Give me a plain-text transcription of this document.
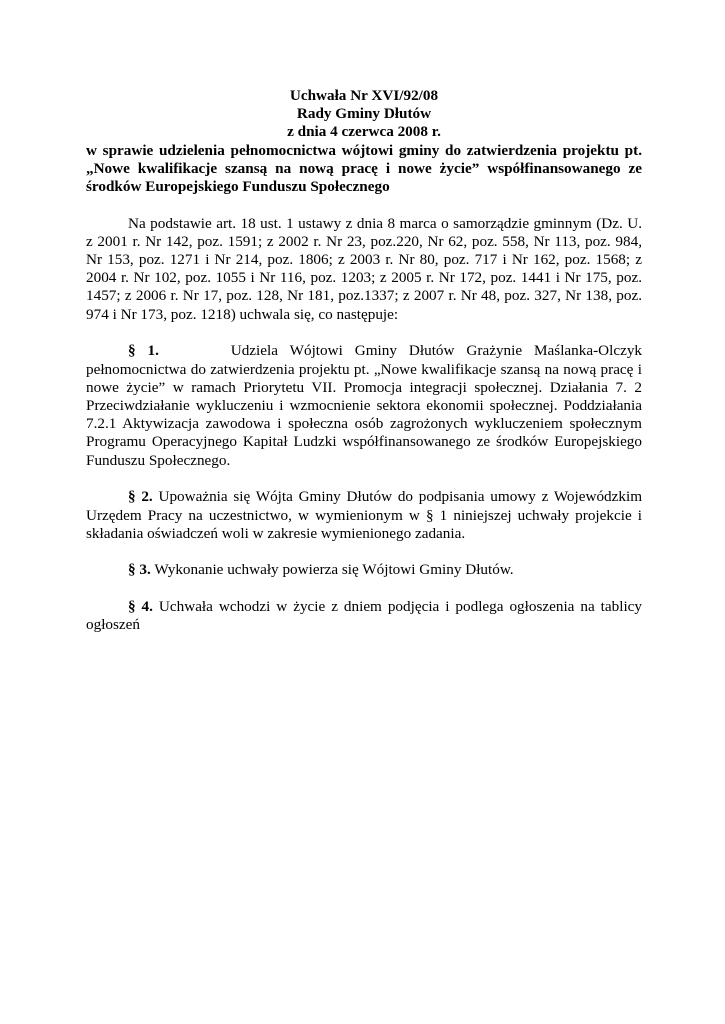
Uchwała Nr XVI/92/08
Rady Gminy Dłutów
z dnia 4 czerwca 2008 r.

w sprawie udzielenia pełnomocnictwa wójtowi gminy do zatwierdzenia projektu pt. „Nowe kwalifikacje szansą na nową pracę i nowe życie” współfinansowanego ze środków Europejskiego Funduszu Społecznego

Na podstawie art. 18 ust. 1 ustawy z dnia 8 marca o samorządzie gminnym (Dz. U. z 2001 r. Nr 142, poz. 1591; z 2002 r. Nr 23, poz.220, Nr 62, poz. 558, Nr 113, poz. 984, Nr 153, poz. 1271 i Nr 214, poz. 1806; z 2003 r. Nr 80, poz. 717 i Nr 162, poz. 1568; z 2004 r. Nr 102, poz. 1055 i Nr 116, poz. 1203; z 2005 r. Nr 172, poz. 1441 i Nr 175, poz. 1457; z 2006 r. Nr 17, poz. 128, Nr 181, poz.1337; z 2007 r. Nr 48, poz. 327, Nr 138, poz. 974 i Nr 173, poz. 1218) uchwala się, co następuje:

§ 1.	Udziela Wójtowi Gminy Dłutów Grażynie Maślanka-Olczyk pełnomocnictwa do zatwierdzenia projektu pt. „Nowe kwalifikacje szansą na nową pracę i nowe życie” w ramach Priorytetu VII. Promocja integracji społecznej. Działania 7. 2 Przeciwdziałanie wykluczeniu i wzmocnienie sektora ekonomii społecznej. Poddziałania 7.2.1 Aktywizacja zawodowa i społeczna osób zagrożonych wykluczeniem społecznym Programu Operacyjnego Kapitał Ludzki współfinansowanego ze środków Europejskiego Funduszu Społecznego.

§ 2. Upoważnia się Wójta Gminy Dłutów do podpisania umowy z Wojewódzkim Urzędem Pracy na uczestnictwo, w wymienionym w § 1 niniejszej uchwały projekcie i składania oświadczeń woli w zakresie wymienionego zadania.

§ 3. Wykonanie uchwały powierza się Wójtowi Gminy Dłutów.

§ 4. Uchwała wchodzi w życie z dniem podjęcia i podlega ogłoszenia na tablicy ogłoszeń
